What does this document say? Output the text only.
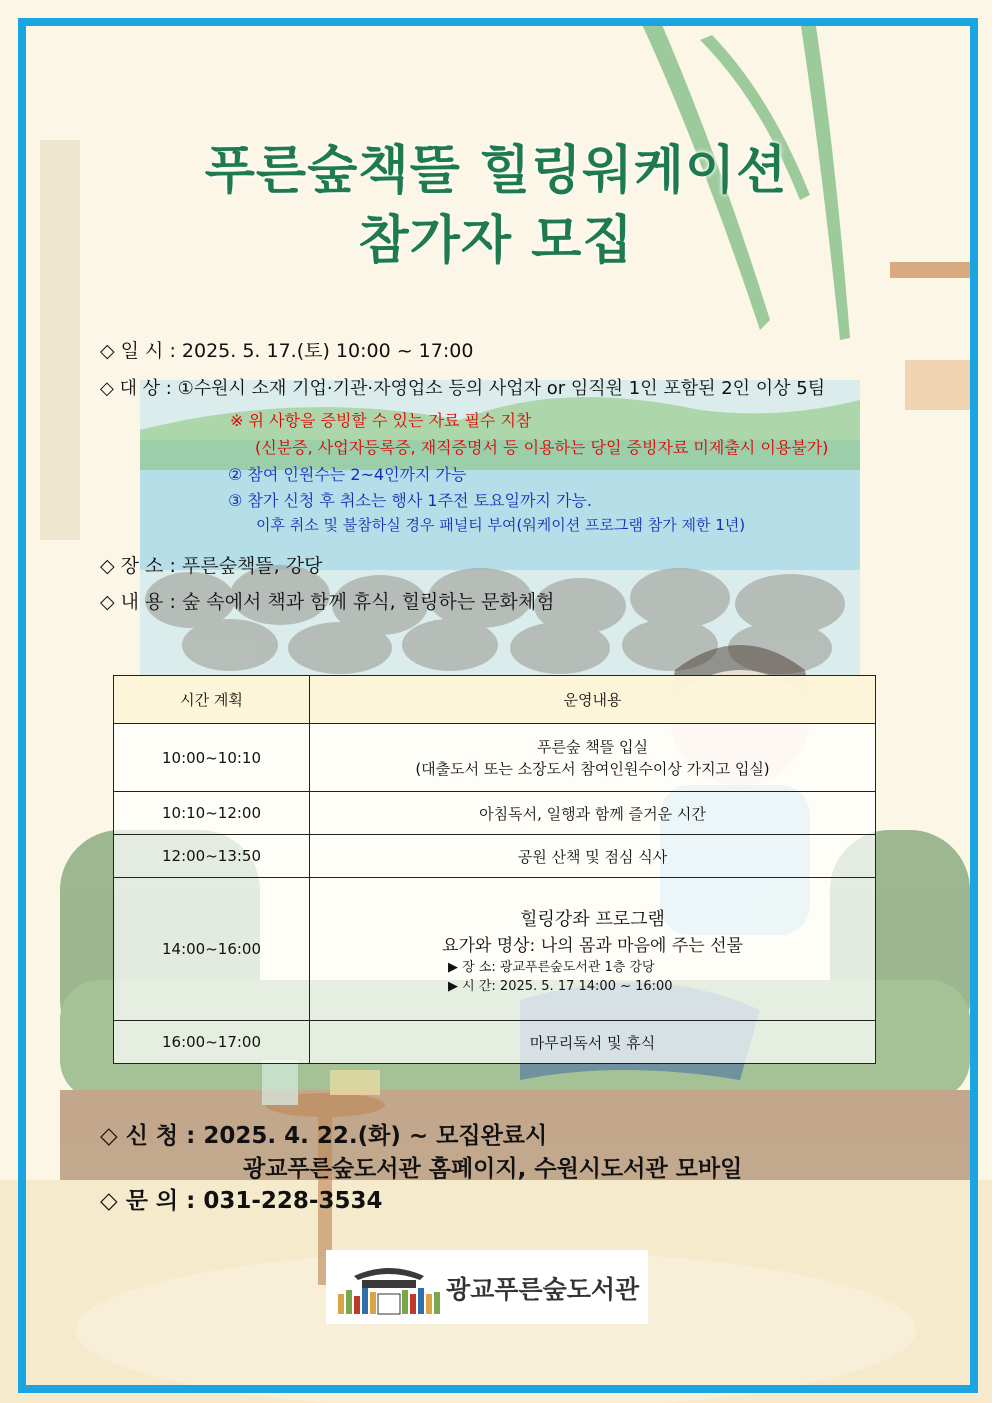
푸른숲책뜰 힐링워케이션
참가자 모집
◇ 일 시 : 2025. 5. 17.(토) 10:00 ~ 17:00
◇ 대 상 : ①수원시 소재 기업·기관·자영업소 등의 사업자 or 임직원 1인 포함된 2인 이상 5팀
※ 위 사항을 증빙할 수 있는 자료 필수 지참
(신분증, 사업자등록증, 재직증명서 등 이용하는 당일 증빙자료 미제출시 이용불가)
② 참여 인원수는 2~4인까지 가능
③ 참가 신청 후 취소는 행사 1주전 토요일까지 가능.
이후 취소 및 불참하실 경우 패널티 부여(워케이션 프로그램 참가 제한 1년)
◇ 장 소 : 푸른숲책뜰, 강당
◇ 내 용 : 숲 속에서 책과 함께 휴식, 힐링하는 문화체험
시간 계획	운영내용
10:00~10:10	푸른숲 책뜰 입실
(대출도서 또는 소장도서 참여인원수이상 가지고 입실)

10:10~12:00	아침독서, 일행과 함께 즐거운 시간
12:00~13:50	공원 산책 및 점심 식사
14:00~16:00	힐링강좌 프로그램
요가와 명상: 나의 몸과 마음에 주는 선물
▶ 장 소: 광교푸른숲도서관 1층 강당
▶ 시 간: 2025. 5. 17 14:00 ~ 16:00

16:00~17:00	마무리독서 및 휴식
◇ 신 청 : 2025. 4. 22.(화) ~ 모집완료시
광교푸른숲도서관 홈페이지, 수원시도서관 모바일
◇ 문 의 : 031-228-3534
광교푸른숲도서관
